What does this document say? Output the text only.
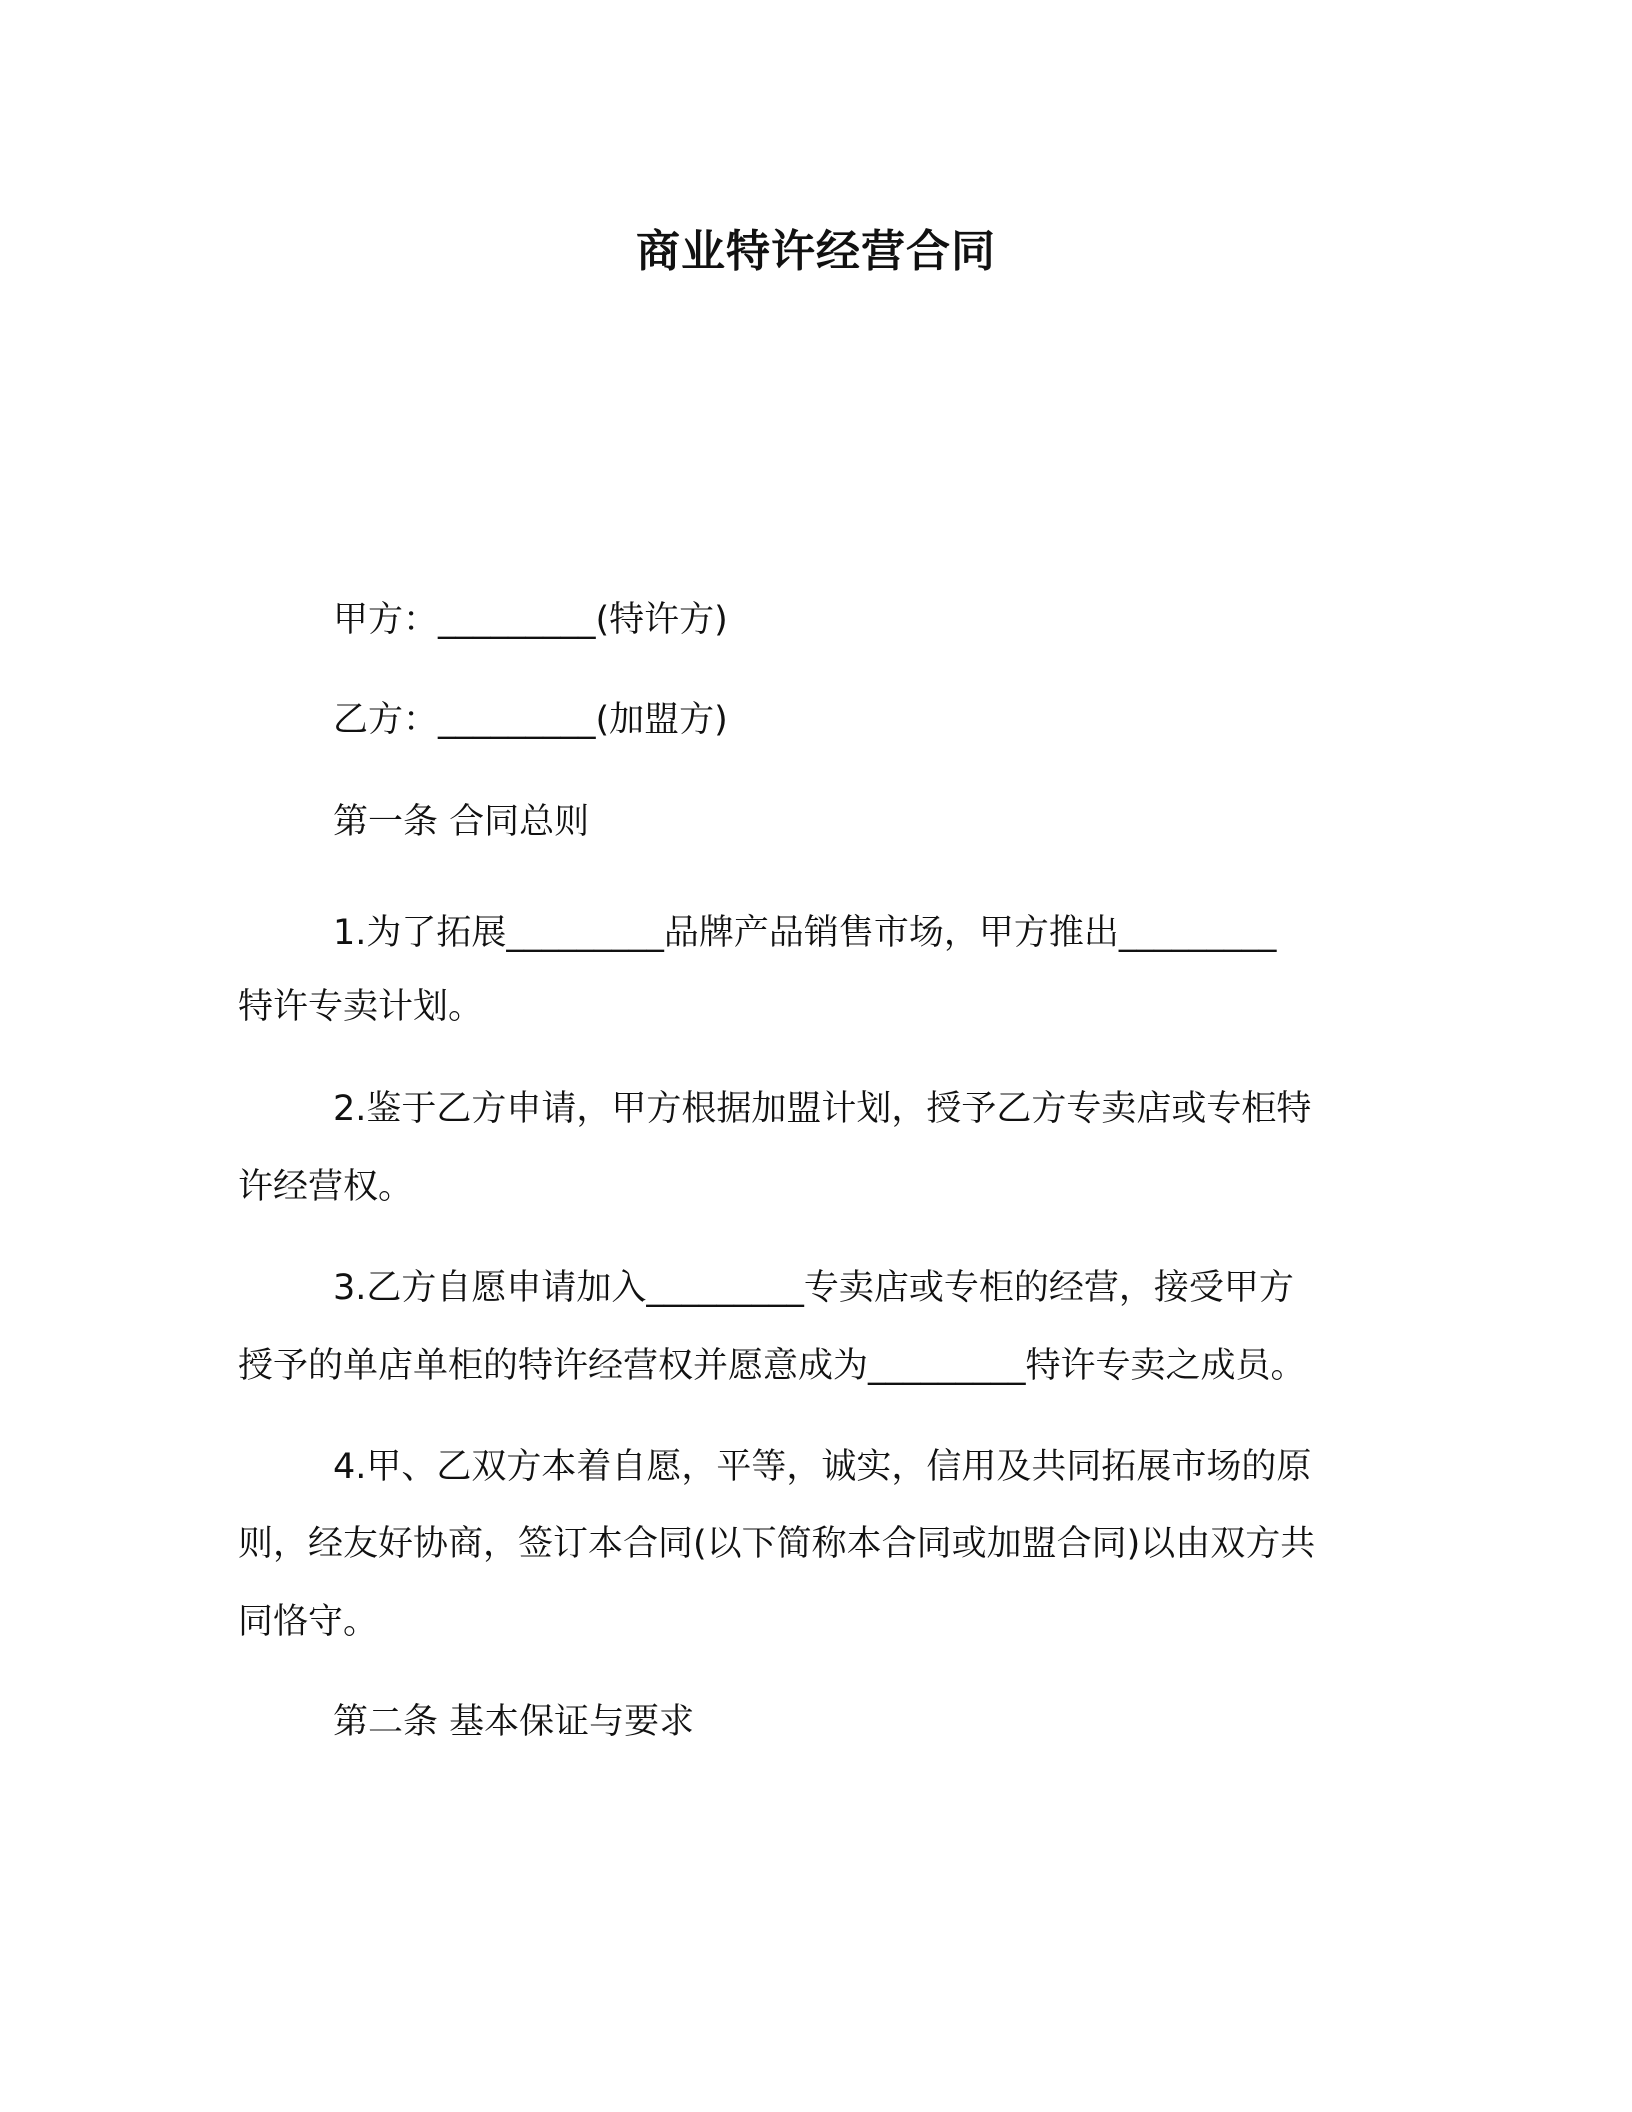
商业特许经营合同
甲方：_________(特许方)
乙方：_________(加盟方)
第一条 合同总则
1.为了拓展_________品牌产品销售市场，甲方推出_________
特许专卖计划。
2.鉴于乙方申请，甲方根据加盟计划，授予乙方专卖店或专柜特
许经营权。
3.乙方自愿申请加入_________专卖店或专柜的经营，接受甲方
授予的单店单柜的特许经营权并愿意成为_________特许专卖之成员。
4.甲、乙双方本着自愿，平等，诚实，信用及共同拓展市场的原
则，经友好协商，签订本合同(以下简称本合同或加盟合同)以由双方共
同恪守。
第二条 基本保证与要求
